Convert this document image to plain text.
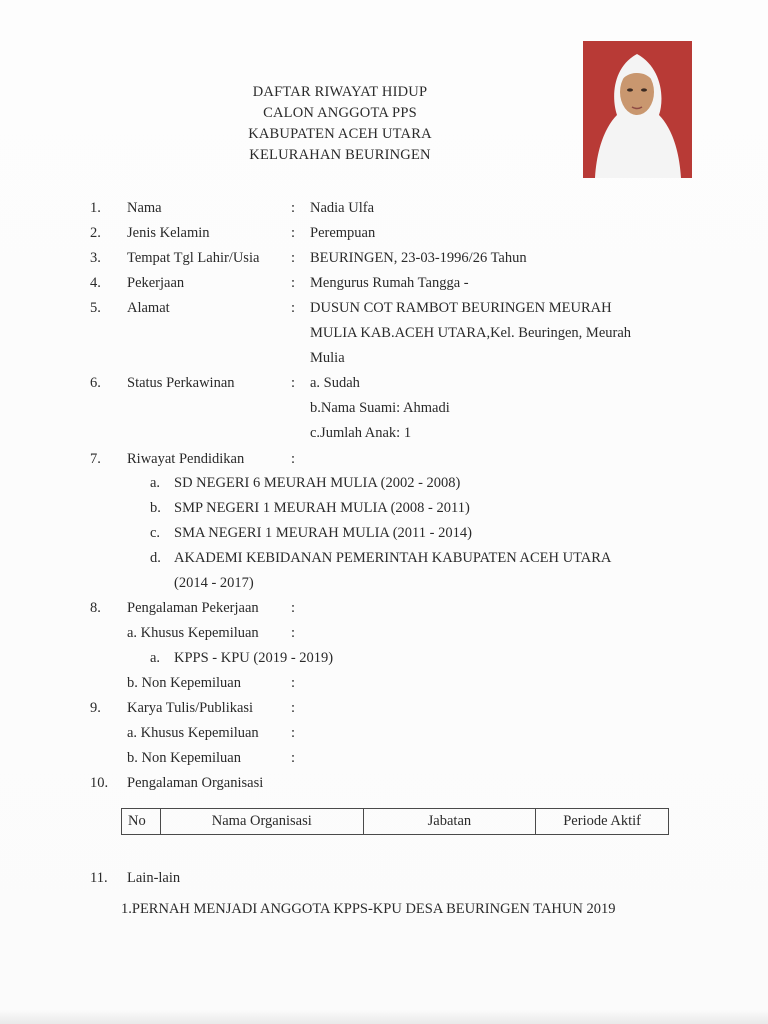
DAFTAR RIWAYAT HIDUP
CALON ANGGOTA PPS
KABUPATEN ACEH UTARA
KELURAHAN BEURINGEN
1. Nama	: Nadia Ulfa
2. Jenis Kelamin	: Perempuan
3. Tempat Tgl Lahir/Usia : BEURINGEN, 23-03-1996/26 Tahun
4. Pekerjaan	: Mengurus Rumah Tangga -
5. Alamat	: DUSUN COT RAMBOT BEURINGEN MEURAH
MULIA KAB.ACEH UTARA,Kel. Beuringen, Meurah
Mulia
6. Status Perkawinan	: a. Sudah
b.Nama Suami: Ahmadi
c.Jumlah Anak: 1
7. Riwayat Pendidikan	:
a. SD NEGERI 6 MEURAH MULIA (2002 - 2008)
b. SMP NEGERI 1 MEURAH MULIA (2008 - 2011)
c. SMA NEGERI 1 MEURAH MULIA (2011 - 2014)
d. AKADEMI KEBIDANAN PEMERINTAH KABUPATEN ACEH UTARA
(2014 - 2017)
8. Pengalaman Pekerjaan :
a. Khusus Kepemiluan :
a. KPPS - KPU (2019 - 2019)
b. Non Kepemiluan	:
9. Karya Tulis/Publikasi	:
a. Khusus Kepemiluan :
b. Non Kepemiluan	:
10. Pengalaman Organisasi
No	Nama Organisasi	Jabatan	Periode Aktif
11. Lain-lain
1.PERNAH MENJADI ANGGOTA KPPS-KPU DESA BEURINGEN TAHUN 2019
